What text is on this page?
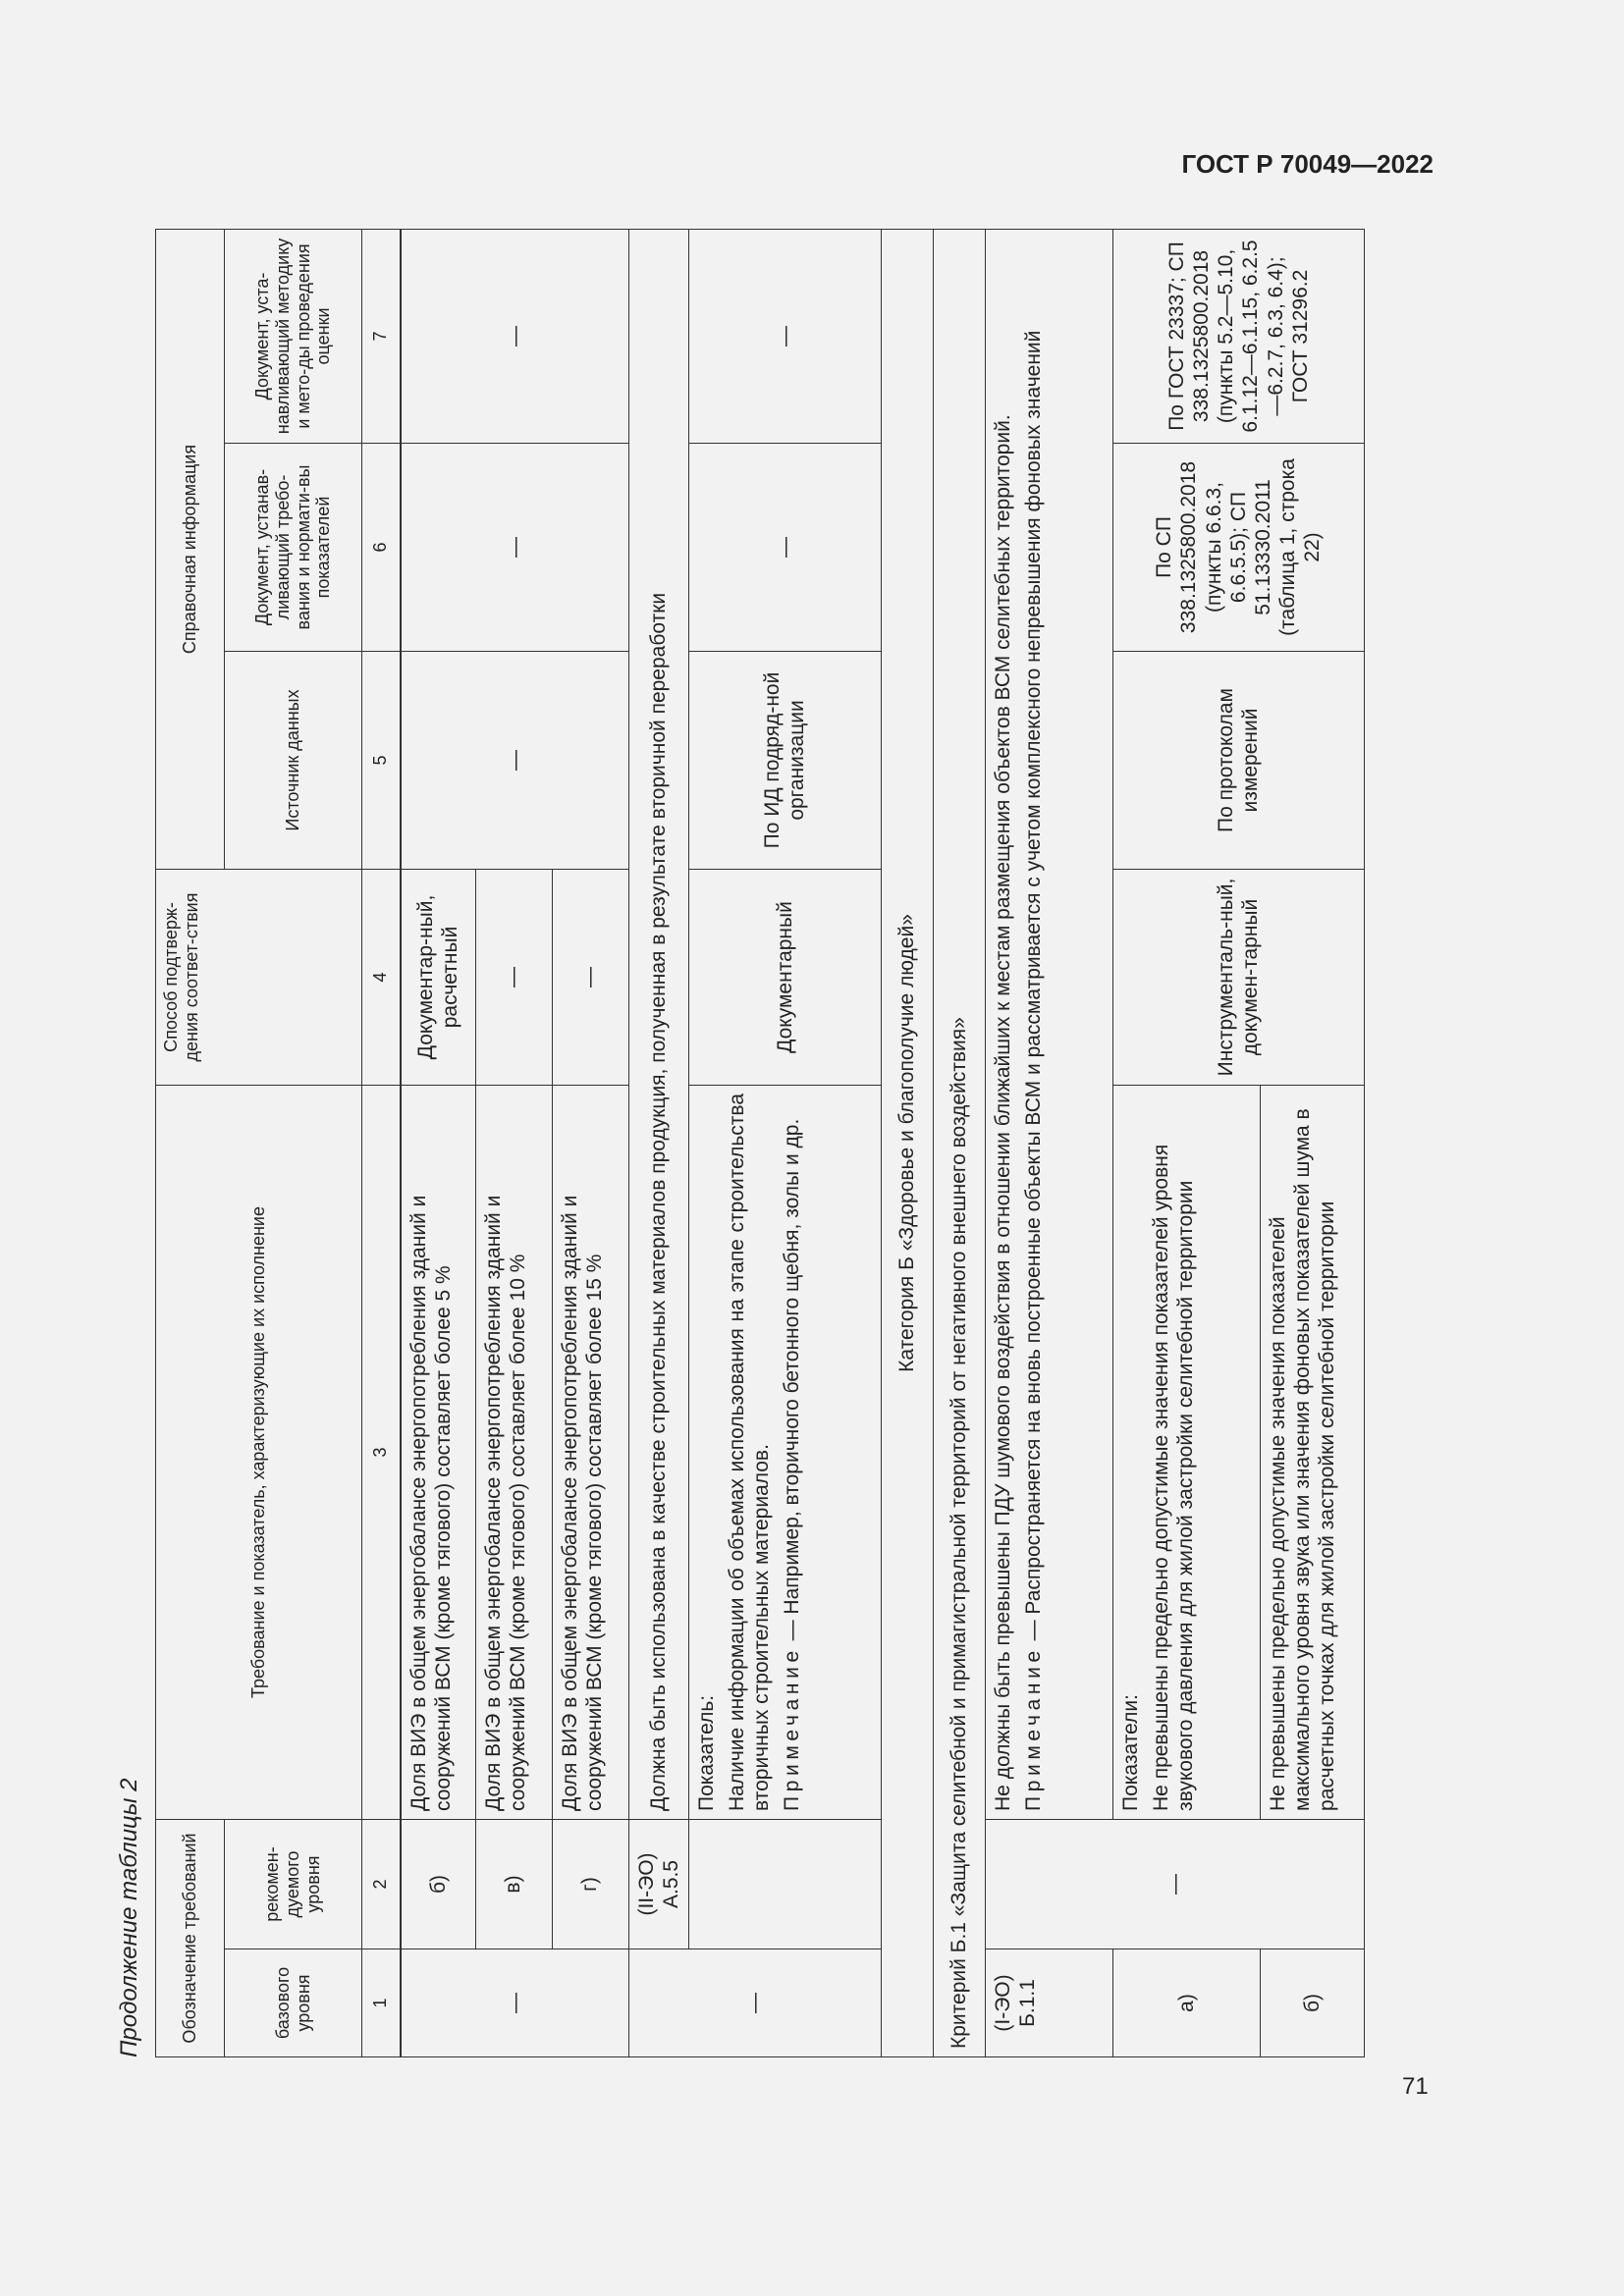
ГОСТ Р 70049—2022
71
Продолжение таблицы 2 Обозначение требований		Требование и показатель, характеризующие их исполнение	Способ подтверж-дения соответ-ствия	Справочная информация		
базового уровня	рекомен-дуемого уровня			Источник данных	Документ, устанав-ливающий требо-вания и нормати-вы показателей	Документ, уста-навливающий методику и мето-ды проведения оценки
1	2	3	4	5	6	7
—	б)	Доля ВИЭ в общем энергобалансе энергопотребления зданий и сооружений ВСМ (кроме тягового) составляет более 5 %	Документар-ный, расчетный	—	—	—
	в)	Доля ВИЭ в общем энергобалансе энергопотребления зданий и сооружений ВСМ (кроме тягового) составляет более 10 %	—			
	г)	Доля ВИЭ в общем энергобалансе энергопотребления зданий и сооружений ВСМ (кроме тягового) составляет более 15 %	—			
—	(II-ЭО) А.5.5	Должна быть использована в качестве строительных материалов продукция, полученная в результате вторичной переработки				

		Показатель: Наличие информации об объемах использования на этапе строительства вторичных строительных материалов. Примечание — Например, вторичного бетонного щебня, золы и др.	Документарный	По ИД подряд-ной организации	—	—
Категория Б «Здоровье и благополучие людей»						
Критерий Б.1 «Защита селитебной и примагистральной территорий от негативного внешнего воздействия»						
(I-ЭО) Б.1.1	—	Не должны быть превышены ПДУ шумового воздействия в отношении ближайших к местам размещения объектов ВСМ селитебных территорий. Примечание — Распространяется на вновь построенные объекты ВСМ и рассматривается с учетом комплексного непревышения фоновых значений				

а)		Показатели: Не превышены предельно допустимые значения показателей уровня звукового давления для жилой застройки селитебной территории	Инструменталь-ный, докумен-тарный	По протоколам измерений	По СП 338.1325800.2018 (пункты 6.6.3, 6.6.5.5); СП 51.13330.2011 (таблица 1, строка 22)	По ГОСТ 23337; СП 338.1325800.2018 (пункты 5.2—5.10, 6.1.12—6.1.15, 6.2.5—6.2.7, 6.3, 6.4); ГОСТ 31296.2
б)		Не превышены предельно допустимые значения показателей максимального уровня звука или значения фоновых показателей шума в расчетных точках для жилой застройки селитебной территории				
